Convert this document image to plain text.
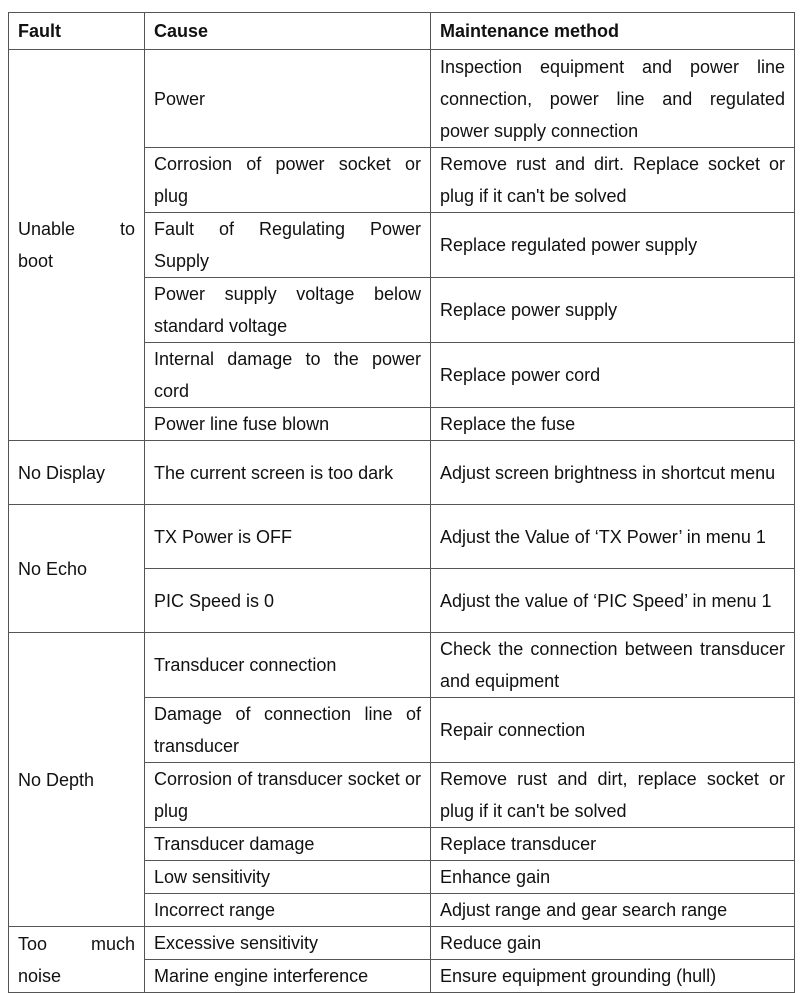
Fault	Cause	Maintenance method
Unable to boot	Power	Inspection equipment and power line connection, power line and regulated power supply connection
	Corrosion of power socket or plug	Remove rust and dirt. Replace socket or plug if it can't be solved
	Fault of Regulating Power Supply	Replace regulated power supply
	Power supply voltage below standard voltage	Replace power supply
	Internal damage to the power cord	Replace power cord
	Power line fuse blown	Replace the fuse
No Display	The current screen is too dark	Adjust screen brightness in shortcut menu
No Echo	TX Power is OFF	Adjust the Value of ‘TX Power’ in menu 1
	PIC Speed is 0	Adjust the value of ‘PIC Speed’ in menu 1
No Depth	Transducer connection	Check the connection between transducer and equipment
	Damage of connection line of transducer	Repair connection
	Corrosion of transducer socket or plug	Remove rust and dirt, replace socket or plug if it can't be solved
	Transducer damage	Replace transducer
	Low sensitivity	Enhance gain
	Incorrect range	Adjust range and gear search range
Too much noise	Excessive sensitivity	Reduce gain
	Marine engine interference	Ensure equipment grounding (hull)
